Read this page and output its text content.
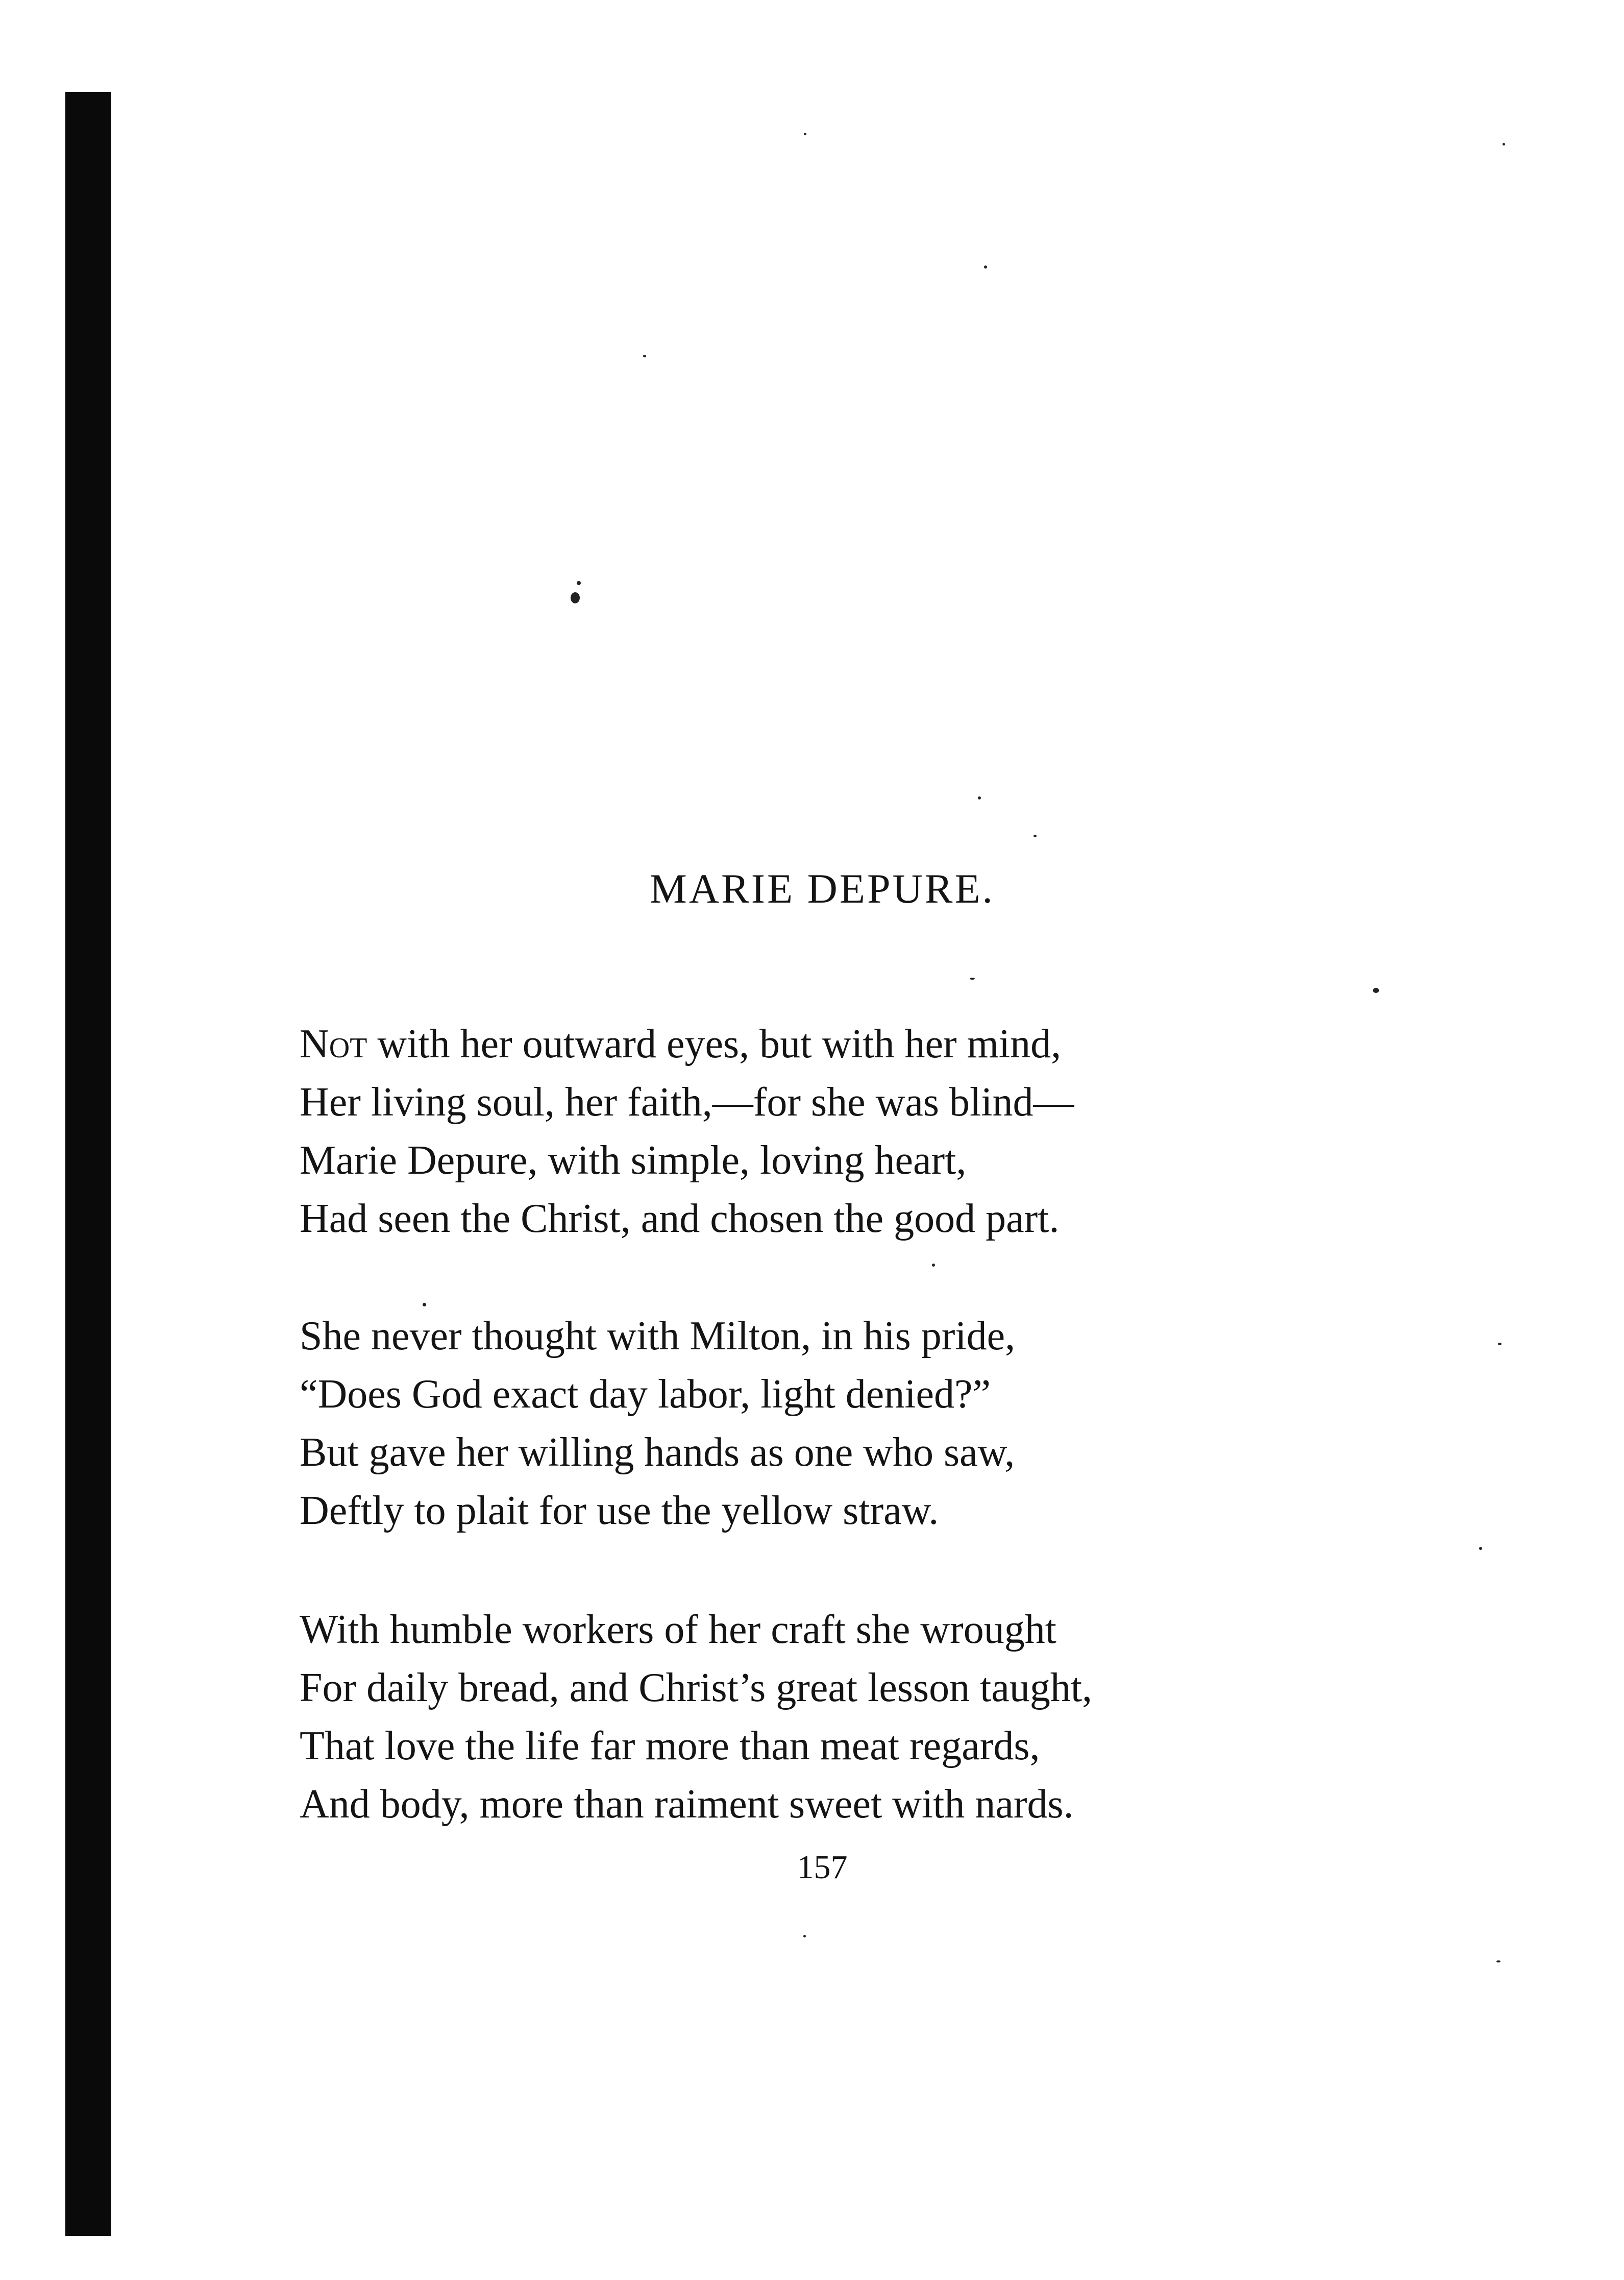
MARIE DEPURE.
Not with her outward eyes, but with her mind,
Her living soul, her faith,—for she was blind—
Marie Depure, with simple, loving heart,
Had seen the Christ, and chosen the good part.
She never thought with Milton, in his pride,
“Does God exact day labor, light denied?”
But gave her willing hands as one who saw,
Deftly to plait for use the yellow straw.
With humble workers of her craft she wrought
For daily bread, and Christ’s great lesson taught,
That love the life far more than meat regards,
And body, more than raiment sweet with nards.
157
